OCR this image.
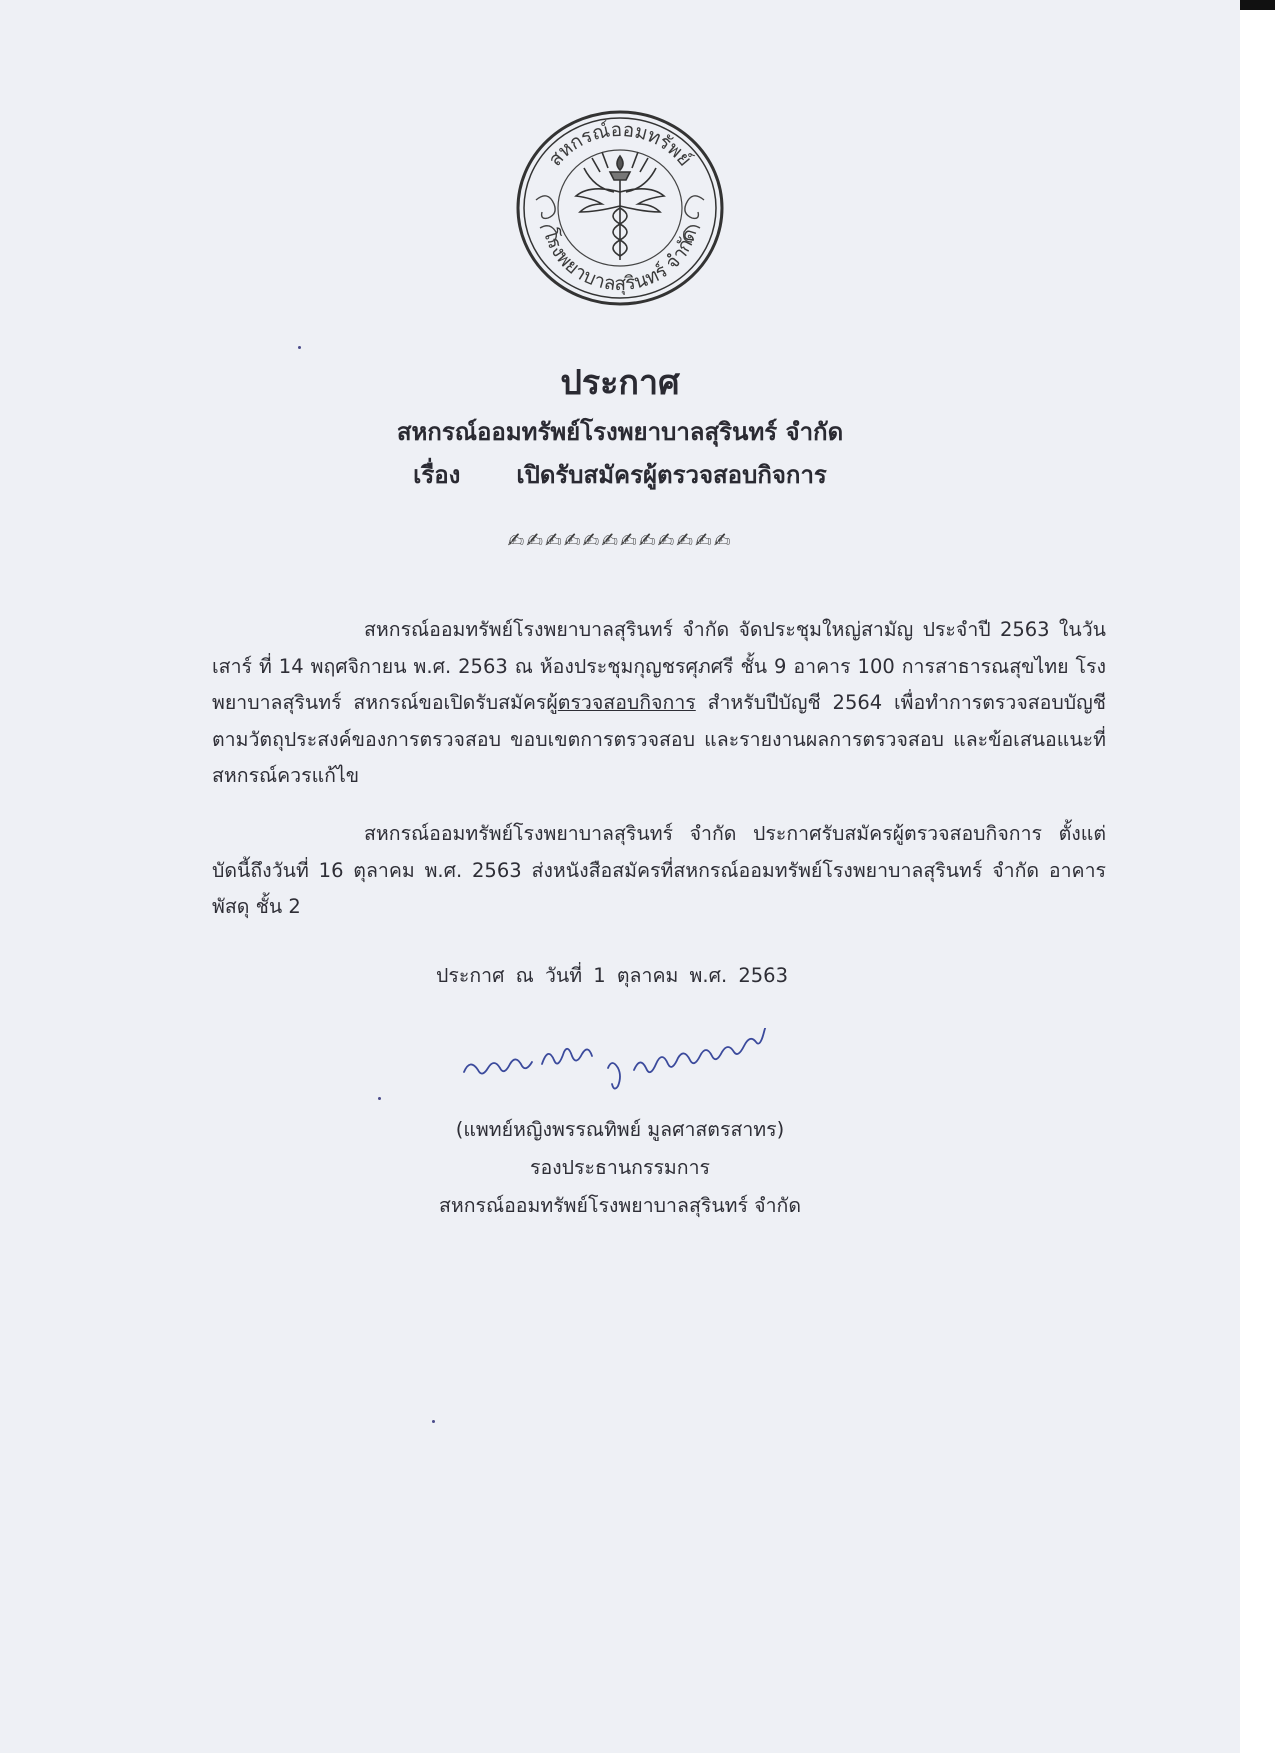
สหกรณ์ออมทรัพย์
โรงพยาบาลสุรินทร์ จำกัด
ประกาศ
สหกรณ์ออมทรัพย์โรงพยาบาลสุรินทร์ จำกัด
เรื่อง เปิดรับสมัครผู้ตรวจสอบกิจการ
✍✍✍✍✍✍✍✍✍✍✍✍

สหกรณ์ออมทรัพย์โรงพยาบาลสุรินทร์ จำกัด จัดประชุมใหญ่สามัญ ประจำปี 2563 ในวันเสาร์ ที่ 14 พฤศจิกายน พ.ศ. 2563 ณ ห้องประชุมกุญชรศุภศรี ชั้น 9 อาคาร 100 การสาธารณสุขไทย โรงพยาบาลสุรินทร์ สหกรณ์ขอเปิดรับสมัครผู้ตรวจสอบกิจการ สำหรับปีบัญชี 2564 เพื่อทำการตรวจสอบบัญชีตามวัตถุประสงค์ของการตรวจสอบ ขอบเขตการตรวจสอบ และรายงานผลการตรวจสอบ และข้อเสนอแนะที่สหกรณ์ควรแก้ไข

สหกรณ์ออมทรัพย์โรงพยาบาลสุรินทร์ จำกัด ประกาศรับสมัครผู้ตรวจสอบกิจการ ตั้งแต่บัดนี้ถึงวันที่ 16 ตุลาคม พ.ศ. 2563 ส่งหนังสือสมัครที่สหกรณ์ออมทรัพย์โรงพยาบาลสุรินทร์ จำกัด อาคารพัสดุ ชั้น 2

ประกาศ ณ วันที่ 1 ตุลาคม พ.ศ. 2563

(แพทย์หญิงพรรณทิพย์ มูลศาสตรสาทร)

รองประธานกรรมการ

สหกรณ์ออมทรัพย์โรงพยาบาลสุรินทร์ จำกัด
